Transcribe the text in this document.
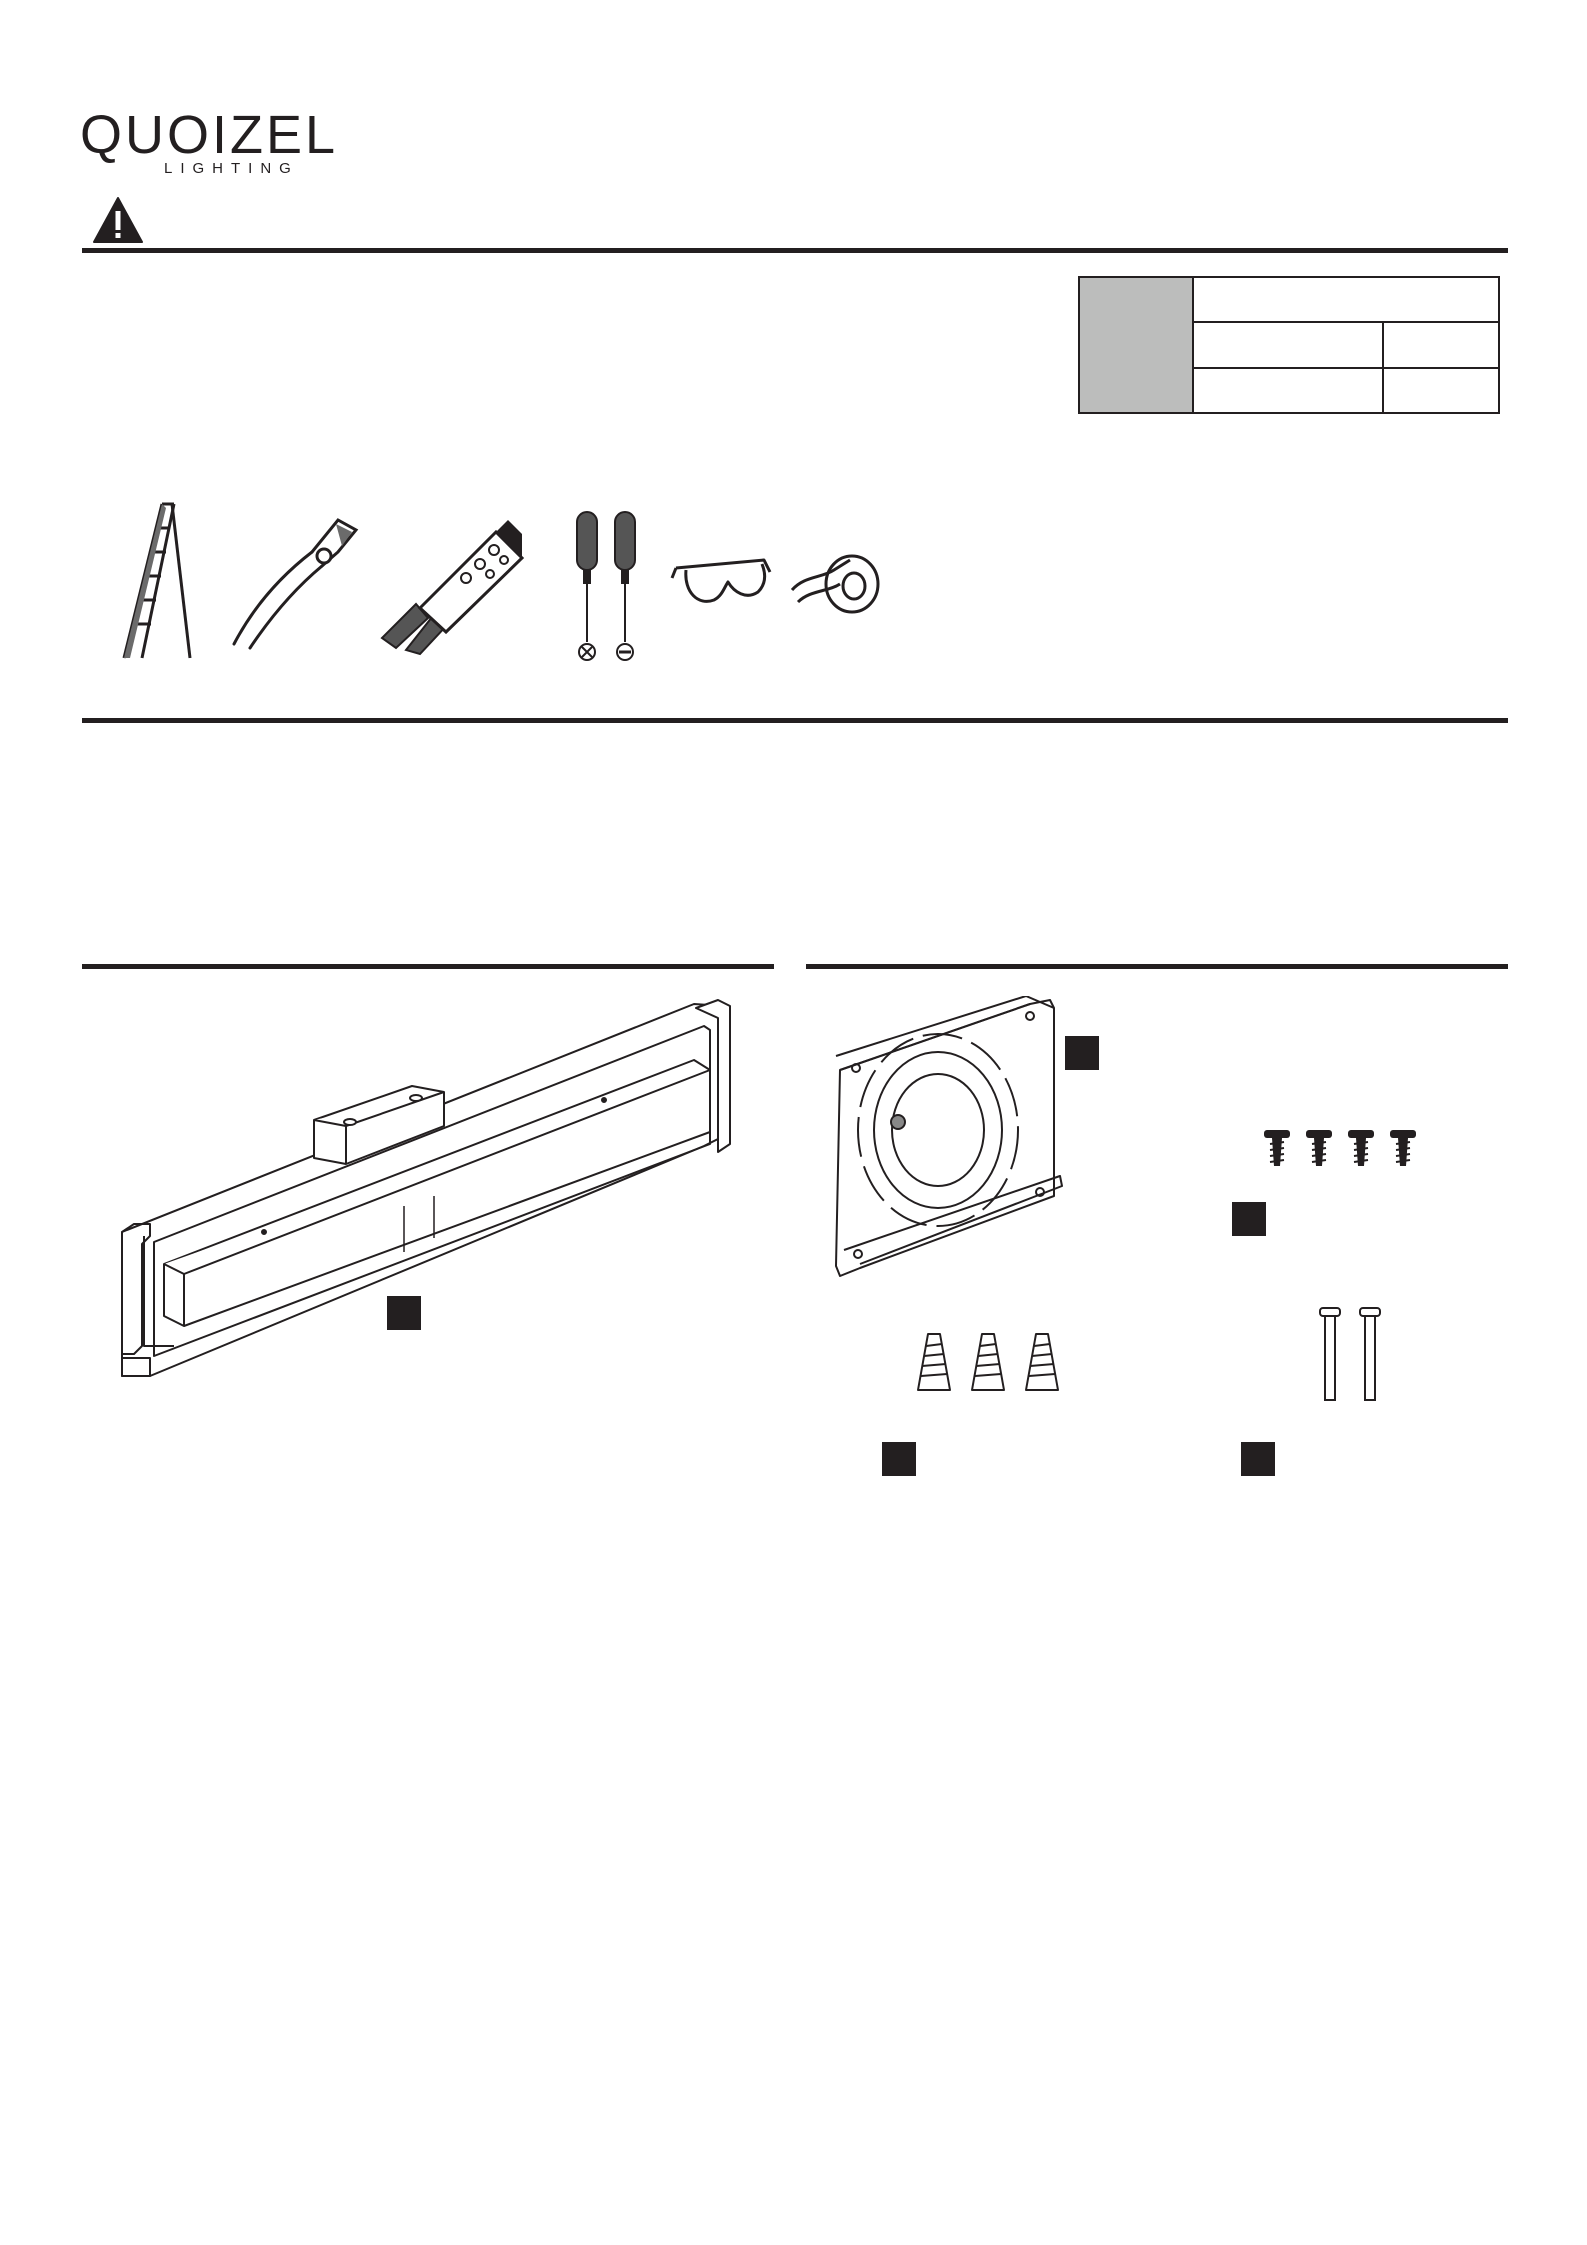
QUOIZEL
LIGHTING
